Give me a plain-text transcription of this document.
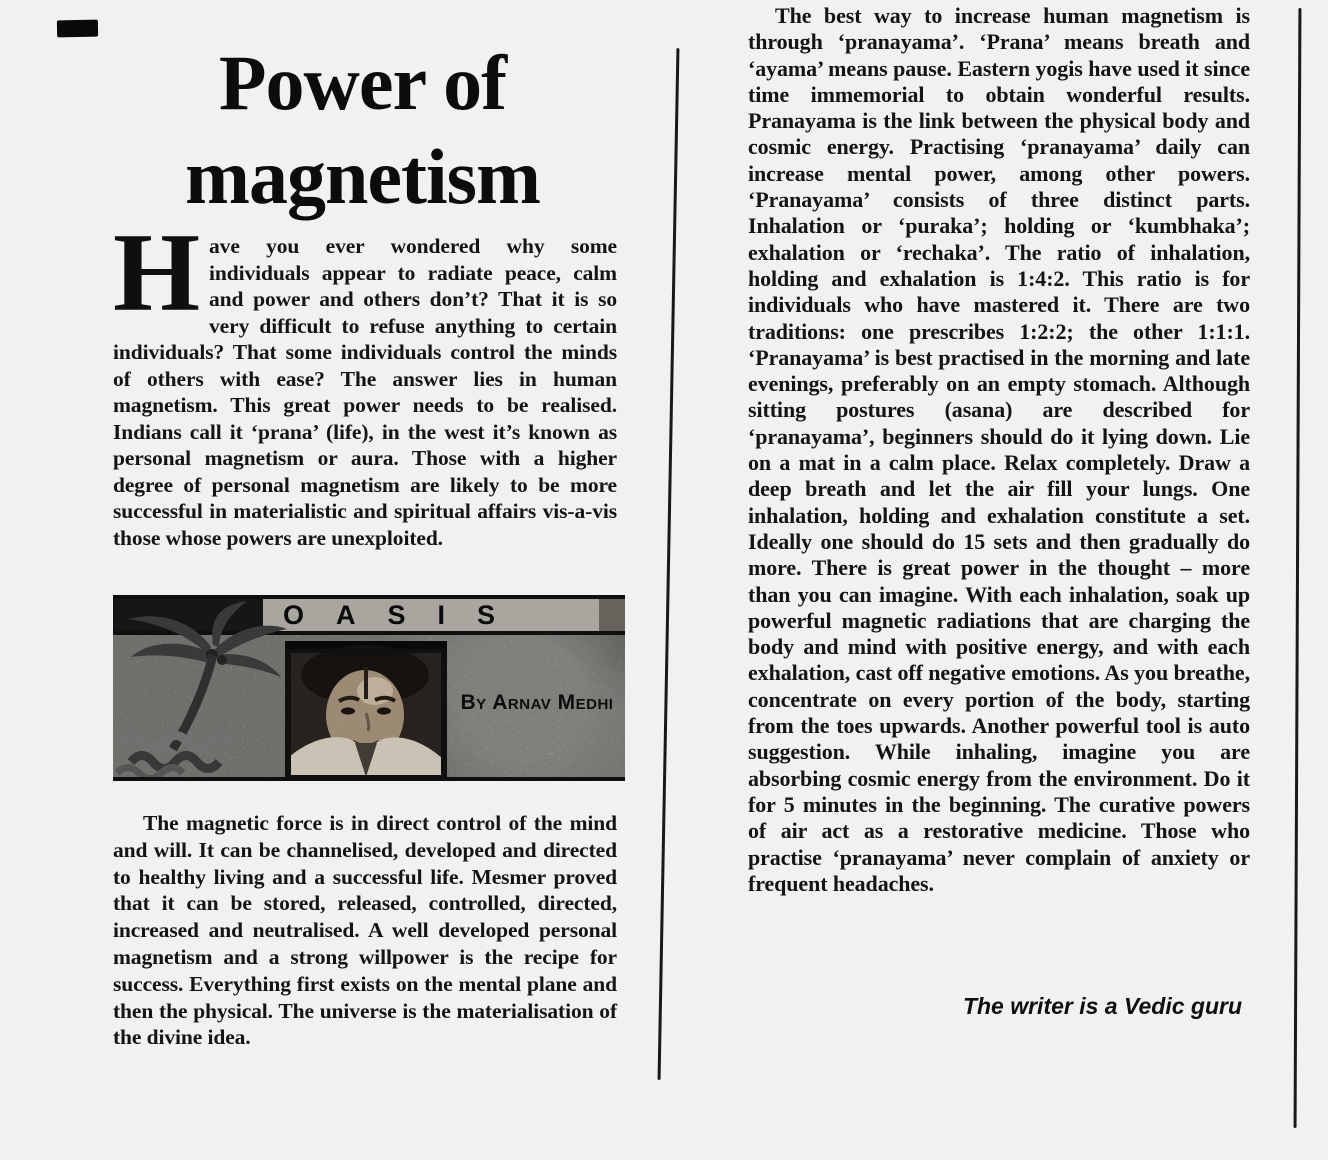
Power of
magnetism

Have you ever wondered why some individuals appear to radiate peace, calm and power and others don’t? That it is so very difficult to refuse anything to certain individuals? That some individuals control the minds of others with ease? The answer lies in human magnetism. This great power needs to be realised. Indians call it ‘prana’ (life), in the west it’s known as personal magnetism or aura. Those with a higher degree of personal magnetism are likely to be more successful in materialistic and spiritual affairs vis-a-vis those whose powers are unexploited.

OASIS
By Arnav Medhi

The magnetic force is in direct control of the mind and will. It can be channelised, developed and directed to healthy living and a successful life. Mesmer proved that it can be stored, released, controlled, directed, increased and neutralised. A well developed personal magnetism and a strong willpower is the recipe for success. Everything first exists on the mental plane and then the physical. The universe is the materialisation of the divine idea.

The best way to increase human magnetism is through ‘pranayama’. ‘Prana’ means breath and ‘ayama’ means pause. Eastern yogis have used it since time immemorial to obtain wonderful results. Pranayama is the link between the physical body and cosmic energy. Practising ‘pranayama’ daily can increase mental power, among other powers. ‘Pranayama’ consists of three distinct parts. Inhalation or ‘puraka’; holding or ‘kumbhaka’; exhalation or ‘rechaka’. The ratio of inhalation, holding and exhalation is 1:4:2. This ratio is for individuals who have mastered it. There are two traditions: one prescribes 1:2:2; the other 1:1:1. ‘Pranayama’ is best practised in the morning and late evenings, preferably on an empty stomach. Although sitting postures (asana) are described for ‘pranayama’, beginners should do it lying down. Lie on a mat in a calm place. Relax completely. Draw a deep breath and let the air fill your lungs. One inhalation, holding and exhalation constitute a set. Ideally one should do 15 sets and then gradually do more. There is great power in the thought – more than you can imagine. With each inhalation, soak up powerful magnetic radiations that are charging the body and mind with positive energy, and with each exhalation, cast off negative emotions. As you breathe, concentrate on every portion of the body, starting from the toes upwards. Another powerful tool is auto suggestion. While inhaling, imagine you are absorbing cosmic energy from the environment. Do it for 5 minutes in the beginning. The curative powers of air act as a restorative medicine. Those who practise ‘pranayama’ never complain of anxiety or frequent headaches.

The writer is a Vedic guru
